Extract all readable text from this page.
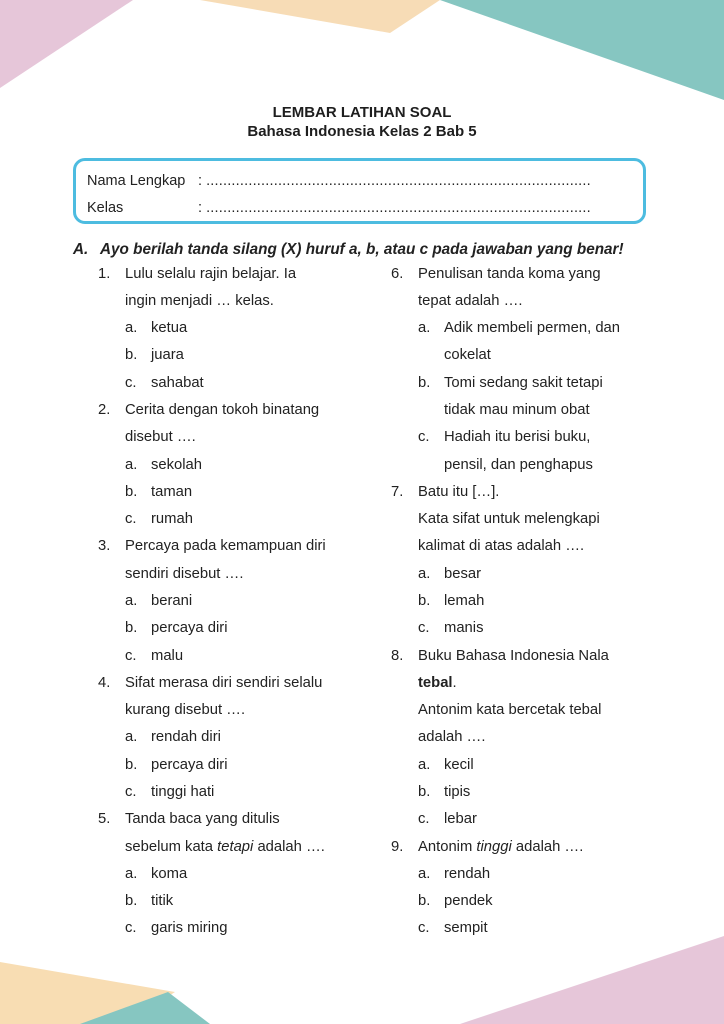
LEMBAR LATIHAN SOAL
Bahasa Indonesia Kelas 2 Bab 5
Nama Lengkap : ...........................................................................................
Kelas	: ...........................................................................................
A. Ayo berilah tanda silang (X) huruf a, b, atau c pada jawaban yang benar!
1. Lulu selalu rajin belajar. Ia
ingin menjadi … kelas.
a. ketua
b. juara
c. sahabat
2. Cerita dengan tokoh binatang
disebut ….
a. sekolah
b. taman
c. rumah
3. Percaya pada kemampuan diri
sendiri disebut ….
a. berani
b. percaya diri
c. malu
4. Sifat merasa diri sendiri selalu
kurang disebut ….
a. rendah diri
b. percaya diri
c. tinggi hati
5. Tanda baca yang ditulis
sebelum kata tetapi adalah ….
a. koma
b. titik
c. garis miring
6. Penulisan tanda koma yang
tepat adalah ….
a. Adik membeli permen, dan
cokelat
b. Tomi sedang sakit tetapi
tidak mau minum obat
c. Hadiah itu berisi buku,
pensil, dan penghapus
7. Batu itu […].
Kata sifat untuk melengkapi
kalimat di atas adalah ….
a. besar
b. lemah
c. manis
8. Buku Bahasa Indonesia Nala
tebal.
Antonim kata bercetak tebal
adalah ….
a. kecil
b. tipis
c. lebar
9. Antonim tinggi adalah ….
a. rendah
b. pendek
c. sempit
